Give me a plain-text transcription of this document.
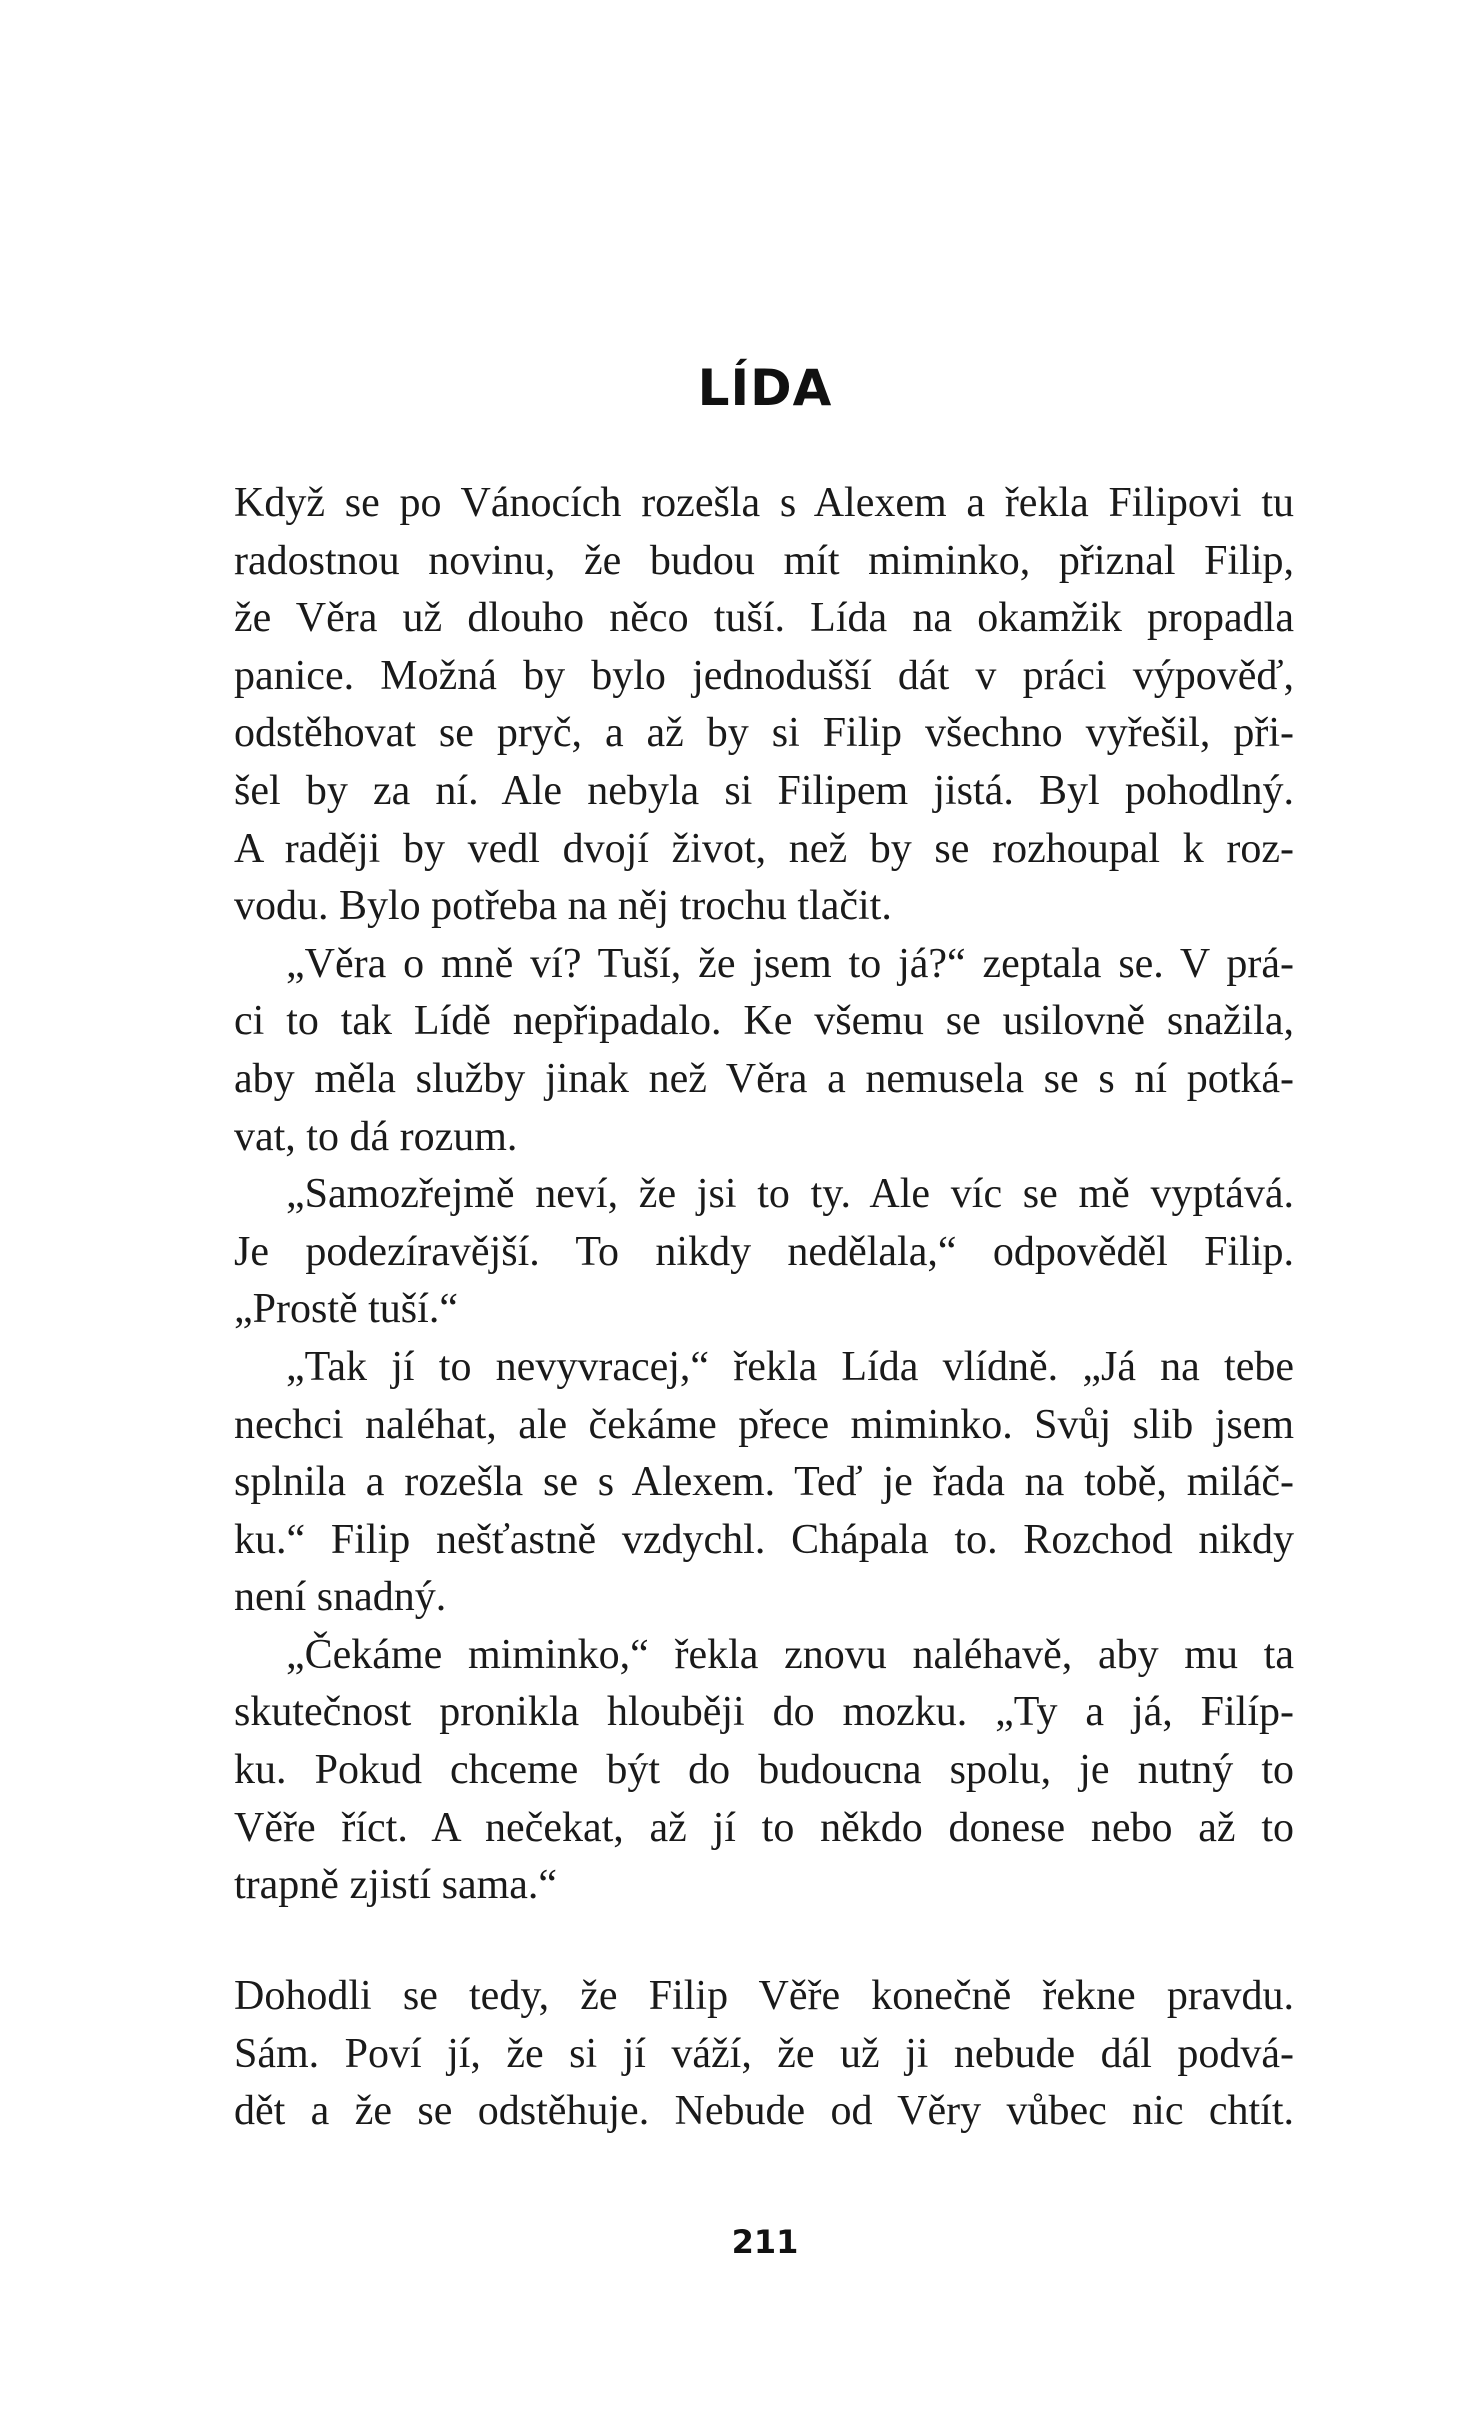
LÍDA
Když se po Vánocích rozešla s Alexem a řekla Filipovi tu
radostnou novinu, že budou mít miminko, přiznal Filip,
že Věra už dlouho něco tuší. Lída na okamžik propadla
panice. Možná by bylo jednodušší dát v práci výpověď,
odstěhovat se pryč, a až by si Filip všechno vyřešil, při-
šel by za ní. Ale nebyla si Filipem jistá. Byl pohodlný.
A raději by vedl dvojí život, než by se rozhoupal k roz-
vodu. Bylo potřeba na něj trochu tlačit.
„Věra o mně ví? Tuší, že jsem to já?“ zeptala se. V prá-
ci to tak Lídě nepřipadalo. Ke všemu se usilovně snažila,
aby měla služby jinak než Věra a nemusela se s ní potká-
vat, to dá rozum.
„Samozřejmě neví, že jsi to ty. Ale víc se mě vyptává.
Je podezíravější. To nikdy nedělala,“ odpověděl Filip.
„Prostě tuší.“
„Tak jí to nevyvracej,“ řekla Lída vlídně. „Já na tebe
nechci naléhat, ale čekáme přece miminko. Svůj slib jsem
splnila a rozešla se s Alexem. Teď je řada na tobě, miláč-
ku.“ Filip nešťastně vzdychl. Chápala to. Rozchod nikdy
není snadný.
„Čekáme miminko,“ řekla znovu naléhavě, aby mu ta
skutečnost pronikla hlouběji do mozku. „Ty a já, Filíp-
ku. Pokud chceme být do budoucna spolu, je nutný to
Věře říct. A nečekat, až jí to někdo donese nebo až to
trapně zjistí sama.“
Dohodli se tedy, že Filip Věře konečně řekne pravdu.
Sám. Poví jí, že si jí váží, že už ji nebude dál podvá-
dět a že se odstěhuje. Nebude od Věry vůbec nic chtít.
211
